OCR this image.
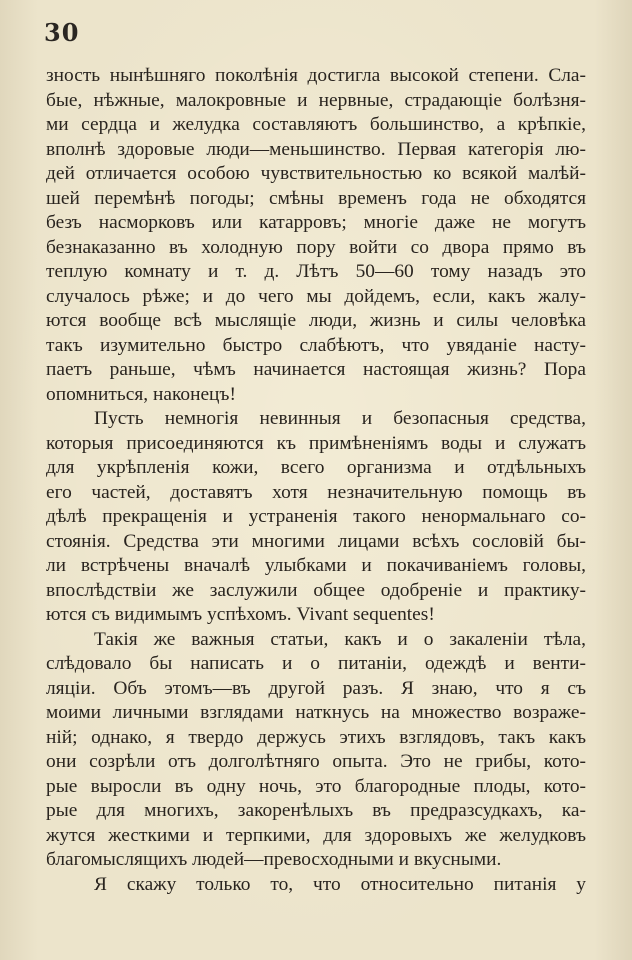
30
зность нынѣшняго поколѣнія достигла высокой степени. Сла-
бые, нѣжные, малокровные и нервные, страдающіе болѣзня-
ми сердца и желудка составляютъ большинство, а крѣпкіе,
вполнѣ здоровые люди—меньшинство. Первая категорія лю-
дей отличается особою чувствительностью ко всякой малѣй-
шей перемѣнѣ погоды; смѣны временъ года не обходятся
безъ насморковъ или катарровъ; многіе даже не могутъ
безнаказанно въ холодную пору войти со двора прямо въ
теплую комнату и т. д. Лѣтъ 50—60 тому назадъ это
случалось рѣже; и до чего мы дойдемъ, если, какъ жалу-
ются вообще всѣ мыслящіе люди, жизнь и силы человѣка
такъ изумительно быстро слабѣютъ, что увяданіе насту-
паетъ раньше, чѣмъ начинается настоящая жизнь? Пора
опомниться, наконецъ!
Пусть немногія невинныя и безопасныя средства,
которыя присоединяются къ примѣненіямъ воды и служатъ
для укрѣпленія кожи, всего организма и отдѣльныхъ
его частей, доставятъ хотя незначительную помощь въ
дѣлѣ прекращенія и устраненія такого ненормальнаго со-
стоянія. Средства эти многими лицами всѣхъ сословій бы-
ли встрѣчены вначалѣ улыбками и покачиваніемъ головы,
впослѣдствіи же заслужили общее одобреніе и практику-
ются съ видимымъ успѣхомъ. Vivant sequentes!
Такія же важныя статьи, какъ и о закаленіи тѣла,
слѣдовало бы написать и о питаніи, одеждѣ и венти-
ляціи. Объ этомъ—въ другой разъ. Я знаю, что я съ
моими личными взглядами наткнусь на множество возраже-
ній; однако, я твердо держусь этихъ взглядовъ, такъ какъ
они созрѣли отъ долголѣтняго опыта. Это не грибы, кото-
рые выросли въ одну ночь, это благородные плоды, кото-
рые для многихъ, закоренѣлыхъ въ предразсудкахъ, ка-
жутся жесткими и терпкими, для здоровыхъ же желудковъ
благомыслящихъ людей—превосходными и вкусными.
Я скажу только то, что относительно питанія у
